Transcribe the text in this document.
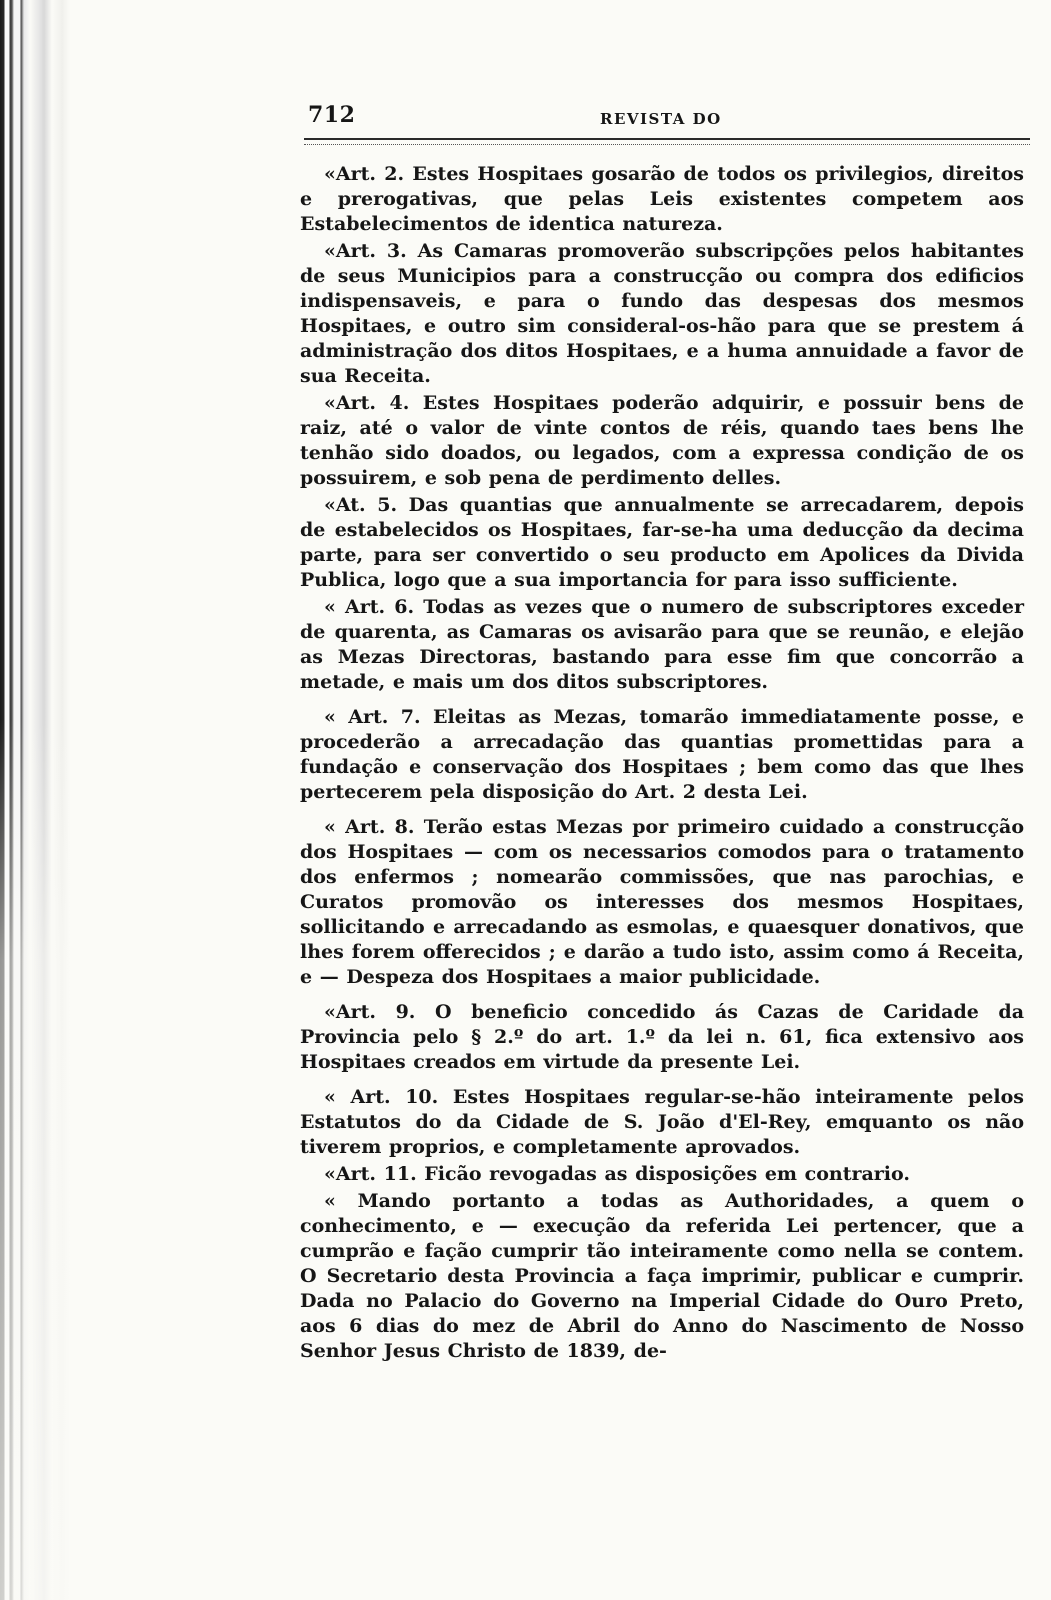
712	REVISTA DO

«Art. 2. Estes Hospitaes gosarão de todos os privilegios, direitos e prerogativas, que pelas Leis existentes competem aos Estabelecimentos de identica natureza.

«Art. 3. As Camaras promoverão subscripções pelos habitantes de seus Municipios para a construcção ou compra dos edificios indispensaveis, e para o fundo das despesas dos mesmos Hospitaes, e outro sim consideral-os-hão para que se prestem á administração dos ditos Hospitaes, e a huma annuidade a favor de sua Receita.

«Art. 4. Estes Hospitaes poderão adquirir, e possuir bens de raiz, até o valor de vinte contos de réis, quando taes bens lhe tenhão sido doados, ou legados, com a expressa condição de os possuirem, e sob pena de perdimento delles.

«At. 5. Das quantias que annualmente se arrecadarem, depois de estabelecidos os Hospitaes, far-se-ha uma deducção da decima parte, para ser convertido o seu producto em Apolices da Divida Publica, logo que a sua importancia for para isso sufficiente.

« Art. 6. Todas as vezes que o numero de subscriptores exceder de quarenta, as Camaras os avisarão para que se reunão, e elejão as Mezas Directoras, bastando para esse fim que concorrão a metade, e mais um dos ditos subscriptores.

« Art. 7. Eleitas as Mezas, tomarão immediatamente posse, e procederão a arrecadação das quantias promettidas para a fundação e conservação dos Hospitaes ; bem como das que lhes pertecerem pela disposição do Art. 2 desta Lei.

« Art. 8. Terão estas Mezas por primeiro cuidado a construcção dos Hospitaes — com os necessarios comodos para o tratamento dos enfermos ; nomearão commissões, que nas parochias, e Curatos promovão os interesses dos mesmos Hospitaes, sollicitando e arrecadando as esmolas, e quaesquer donativos, que lhes forem offerecidos ; e darão a tudo isto, assim como á Receita, e — Despeza dos Hospitaes a maior publicidade.

«Art. 9. O beneficio concedido ás Cazas de Caridade da Provincia pelo § 2.º do art. 1.º da lei n. 61, fica extensivo aos Hospitaes creados em virtude da presente Lei.

« Art. 10. Estes Hospitaes regular-se-hão inteiramente pelos Estatutos do da Cidade de S. João d'El-Rey, emquanto os não tiverem proprios, e completamente aprovados.

«Art. 11. Ficão revogadas as disposições em contrario.

« Mando portanto a todas as Authoridades, a quem o conhecimento, e — execução da referida Lei pertencer, que a cumprão e fação cumprir tão inteiramente como nella se contem. O Secretario desta Provincia a faça imprimir, publicar e cumprir. Dada no Palacio do Governo na Imperial Cidade do Ouro Preto, aos 6 dias do mez de Abril do Anno do Nascimento de Nosso Senhor Jesus Christo de 1839, de-
